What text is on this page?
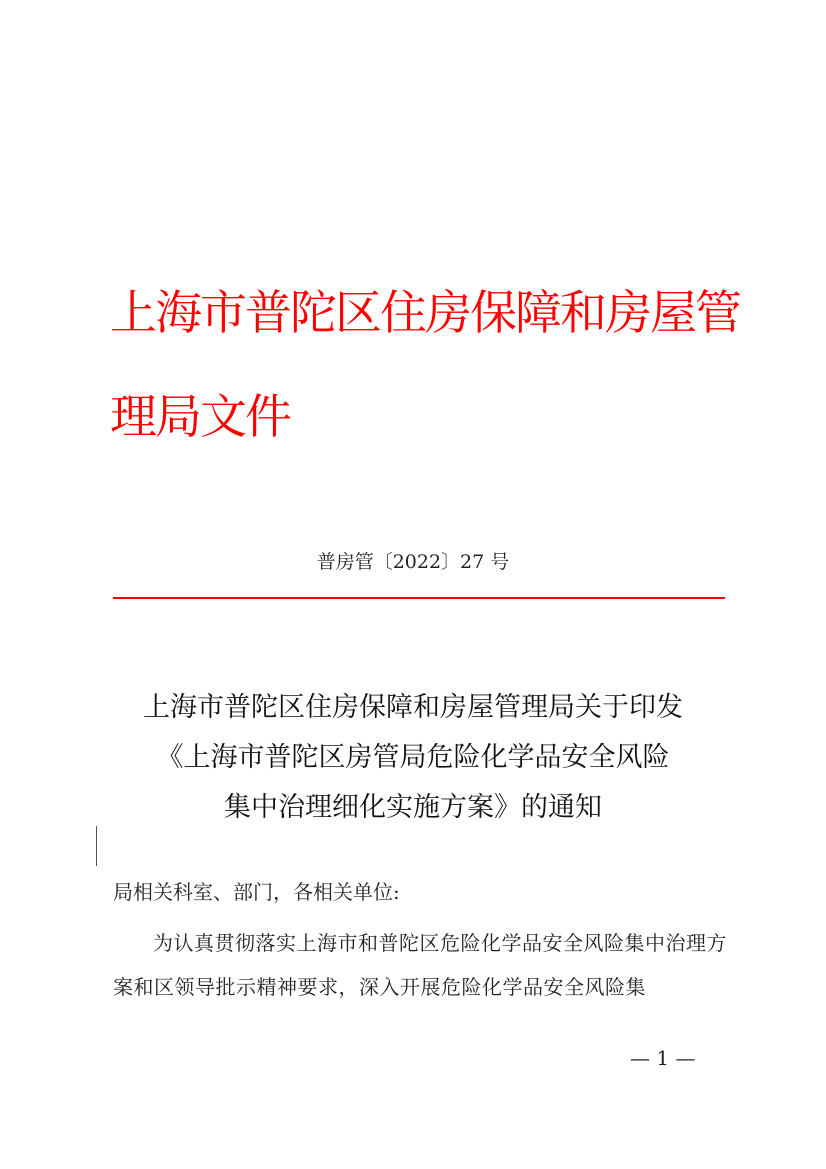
上海市普陀区住房保障和房屋管理局文件
普房管〔2022〕27 号
上海市普陀区住房保障和房屋管理局关于印发
《上海市普陀区房管局危险化学品安全风险
集中治理细化实施方案》的通知
局相关科室、部门，各相关单位:

为认真贯彻落实上海市和普陀区危险化学品安全风险集中治理方案和区领导批示精神要求，深入开展危险化学品安全风险集

— 1 —
